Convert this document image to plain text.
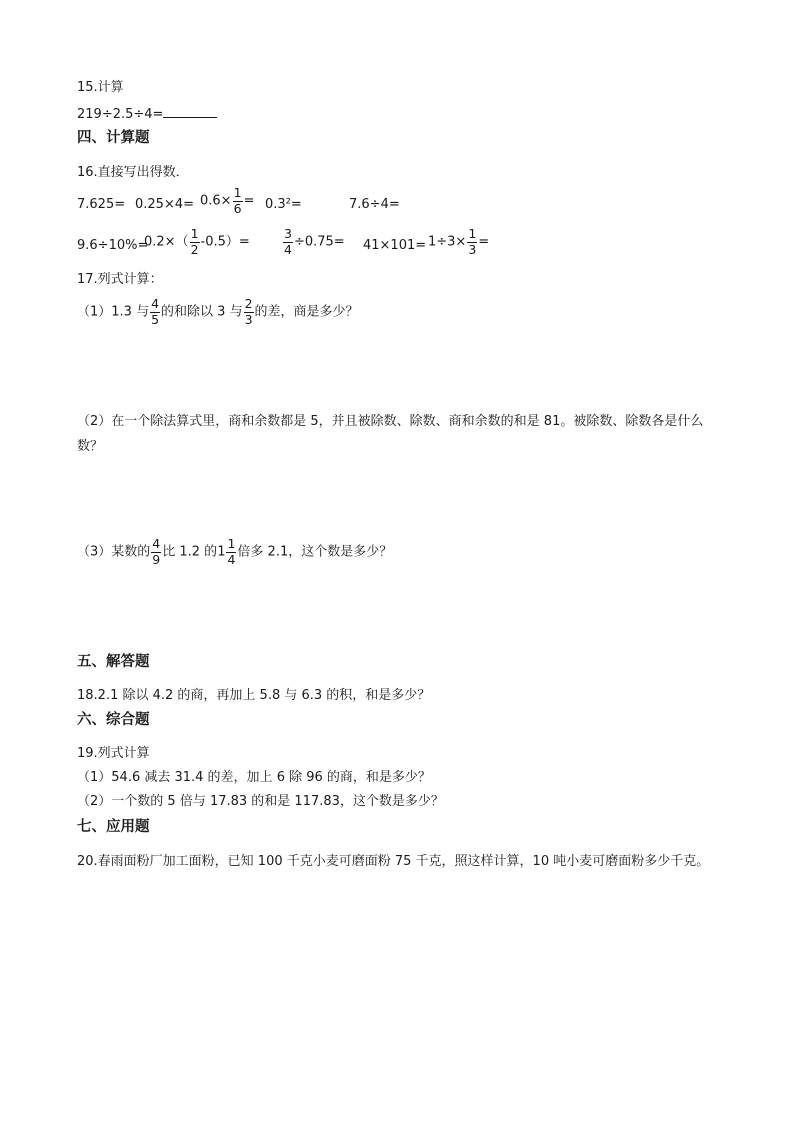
15.计算
219÷2.5÷4=
四、计算题
16.直接写出得数．
$7.625= 0.25\times 4= 0.6\times \frac{1}{6} = 0.3^2=$	7.6÷4=
9.6÷10%=
$0.2\times( \frac{1}{2} -0.5)=$	$\frac{3}{4} \div 0.75= 41\times 101= 1\div 3\times \frac{1}{3}$ =
17.列式计算：
（1）1.3 与 $\frac{4}{5}$ 的和除以 3 与 $\frac{2}{3}$ 的差，商是多少？
（2）在一个除法算式里，商和余数都是 5，并且被除数、除数、商和余数的和是 81。被除数、除数各是什么数？
（3）某数的 $\frac{4}{9}$ 比 1.2 的$1 \frac{1}{4}$ 倍多 2.1，这个数是多少？
五、解答题
18.2.1 除以 4.2 的商，再加上 5.8 与 6.3 的积，和是多少？
六、综合题
19.列式计算
（1）54.6 减去 31.4 的差，加上 6 除 96 的商，和是多少？
（2）一个数的 5 倍与 17.83 的和是 117.83，这个数是多少？
七、应用题
20.春雨面粉厂加工面粉，已知 100 千克小麦可磨面粉 75 千克，照这样计算，10 吨小麦可磨面粉多少千克。
